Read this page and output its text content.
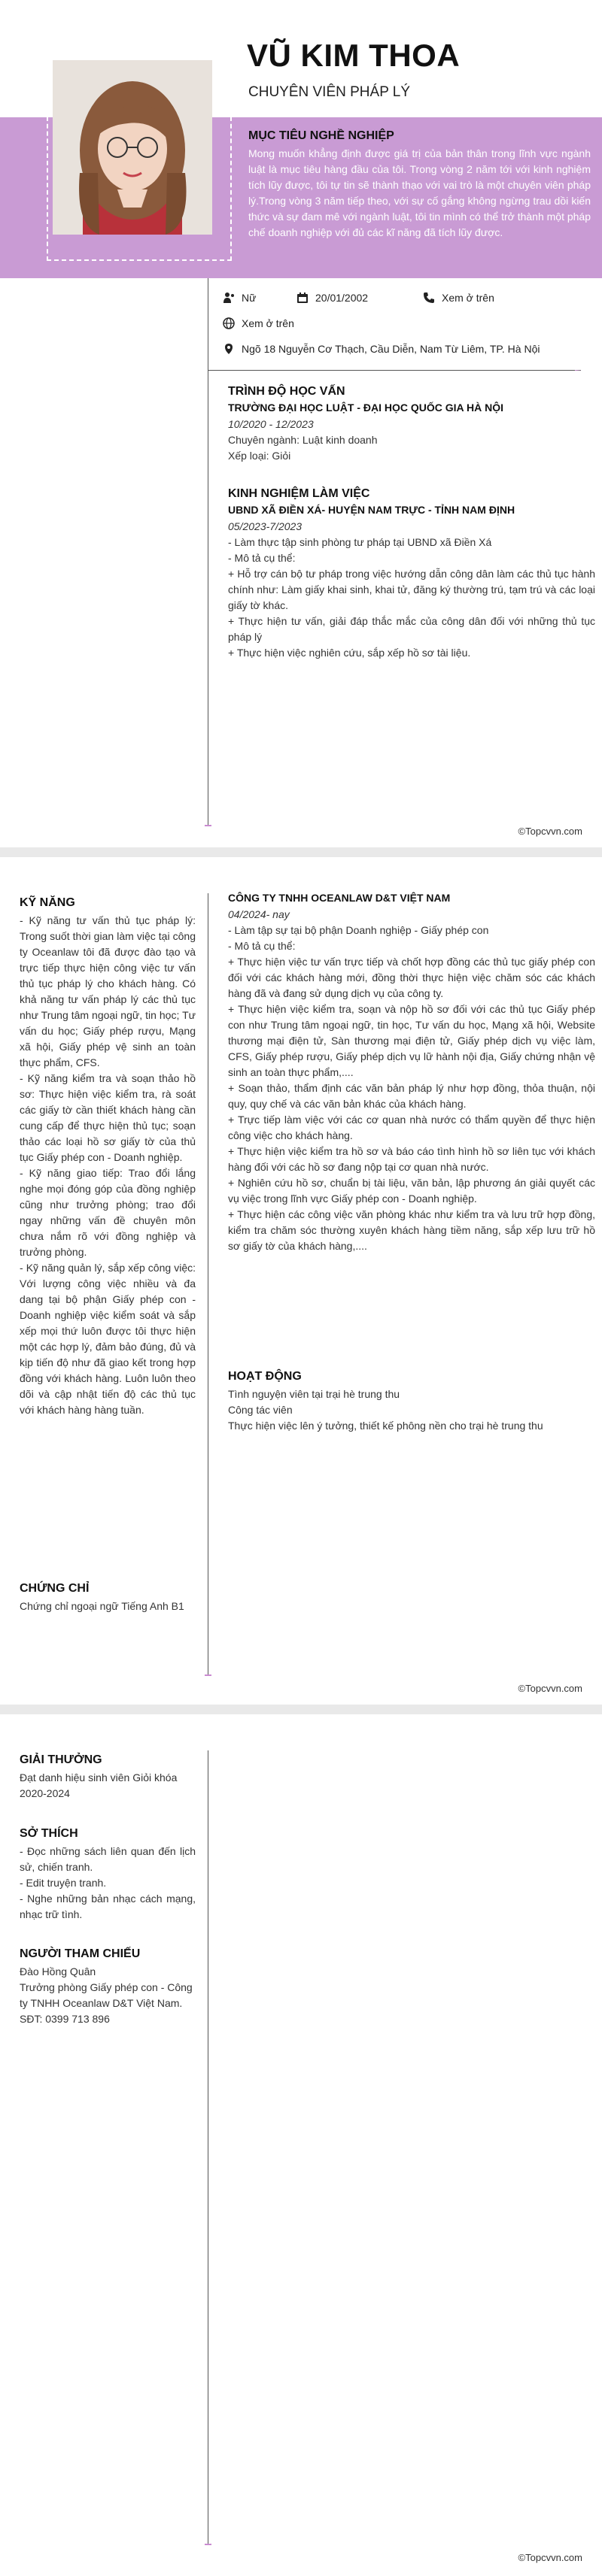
VŨ KIM THOA
CHUYÊN VIÊN PHÁP LÝ
MỤC TIÊU NGHỀ NGHIỆP

Mong muốn khẳng định được giá trị của bản thân trong lĩnh vực ngành luật là mục tiêu hàng đầu của tôi. Trong vòng 2 năm tới với kinh nghiệm tích lũy được, tôi tự tin sẽ thành thạo với vai trò là một chuyên viên pháp lý.Trong vòng 3 năm tiếp theo, với sự cố gắng không ngừng trau dồi kiến thức và sự đam mê với ngành luật, tôi tin mình có thể trở thành một pháp chế doanh nghiệp với đủ các kĩ năng đã tích lũy được.

Nữ	20/01/2002	Xem ở trên
Xem ở trên
Ngõ 18 Nguyễn Cơ Thạch, Cầu Diễn, Nam Từ Liêm, TP. Hà Nội
TRÌNH ĐỘ HỌC VẤN
TRƯỜNG ĐẠI HỌC LUẬT - ĐẠI HỌC QUỐC GIA HÀ NỘI

10/2020 - 12/2023

Chuyên ngành: Luật kinh doanh

Xếp loại: Giỏi

KINH NGHIỆM LÀM VIỆC
UBND XÃ ĐIỀN XÁ- HUYỆN NAM TRỰC - TỈNH NAM ĐỊNH

05/2023-7/2023

- Làm thực tập sinh phòng tư pháp tại UBND xã Điền Xá

- Mô tả cụ thể:

+ Hỗ trợ cán bộ tư pháp trong việc hướng dẫn công dân làm các thủ tục hành chính như: Làm giấy khai sinh, khai tử, đăng ký thường trú, tạm trú và các loại giấy tờ khác.

+ Thực hiện tư vấn, giải đáp thắc mắc của công dân đối với những thủ tục pháp lý

+ Thực hiện việc nghiên cứu, sắp xếp hồ sơ tài liệu.

©Topcvvn.com
KỸ NĂNG

- Kỹ năng tư vấn thủ tục pháp lý: Trong suốt thời gian làm việc tại công ty Oceanlaw tôi đã được đào tạo và trực tiếp thực hiện công việc tư vấn thủ tục pháp lý cho khách hàng. Có khả năng tư vấn pháp lý các thủ tục như Trung tâm ngoại ngữ, tin học; Tư vấn du học; Giấy phép rượu, Mạng xã hội, Giấy phép vệ sinh an toàn thực phẩm, CFS.

- Kỹ năng kiểm tra và soạn thảo hồ sơ: Thực hiện việc kiểm tra, rà soát các giấy tờ cần thiết khách hàng cần cung cấp để thực hiện thủ tục; soạn thảo các loại hồ sơ giấy tờ của thủ tục Giấy phép con - Doanh nghiệp.

- Kỹ năng giao tiếp: Trao đổi lắng nghe mọi đóng góp của đồng nghiệp cũng như trưởng phòng; trao đổi ngay những vấn đề chuyên môn chưa nắm rõ với đồng nghiệp và trưởng phòng.

- Kỹ năng quản lý, sắp xếp công việc: Với lượng công việc nhiều và đa dang tại bộ phận Giấy phép con - Doanh nghiệp việc kiểm soát và sắp xếp mọi thứ luôn được tôi thực hiện một các hợp lý, đảm bảo đúng, đủ và kịp tiến độ như đã giao kết trong hợp đồng với khách hàng. Luôn luôn theo dõi và cập nhật tiến độ các thủ tục với khách hàng hàng tuần.

CHỨNG CHỈ

Chứng chỉ ngoại ngữ Tiếng Anh B1

CÔNG TY TNHH OCEANLAW D&T VIỆT NAM

04/2024- nay

- Làm tập sự tại bộ phận Doanh nghiệp - Giấy phép con

- Mô tả cụ thể:

+ Thực hiện việc tư vấn trực tiếp và chốt hợp đồng các thủ tục giấy phép con đối với các khách hàng mới, đồng thời thực hiện việc chăm sóc các khách hàng đã và đang sử dụng dịch vụ của công ty.

+ Thực hiện việc kiểm tra, soạn và nộp hồ sơ đối với các thủ tục Giấy phép con như Trung tâm ngoại ngữ, tin học, Tư vấn du học, Mạng xã hội, Website thương mại điện tử, Sàn thương mại điện tử, Giấy phép dịch vụ việc làm, CFS, Giấy phép rượu, Giấy phép dịch vụ lữ hành nội địa, Giấy chứng nhận vệ sinh an toàn thực phẩm,....

+ Soạn thảo, thẩm định các văn bản pháp lý như hợp đồng, thỏa thuận, nội quy, quy chế và các văn bản khác của khách hàng.

+ Trực tiếp làm việc với các cơ quan nhà nước có thẩm quyền để thực hiện công việc cho khách hàng.

+ Thực hiện việc kiểm tra hồ sơ và báo cáo tình hình hồ sơ liên tục với khách hàng đối với các hồ sơ đang nộp tại cơ quan nhà nước.

+ Nghiên cứu hồ sơ, chuẩn bị tài liệu, văn bản, lập phương án giải quyết các vụ việc trong lĩnh vực Giấy phép con - Doanh nghiệp.

+ Thực hiện các công việc văn phòng khác như kiểm tra và lưu trữ hợp đồng, kiểm tra chăm sóc thường xuyên khách hàng tiềm năng, sắp xếp lưu trữ hồ sơ giấy tờ của khách hàng,....

HOẠT ĐỘNG

Tình nguyện viên tại trại hè trung thu

Công tác viên

Thực hiện việc lên ý tưởng, thiết kế phông nền cho trại hè trung thu

©Topcvvn.com
GIẢI THƯỞNG

Đạt danh hiệu sinh viên Giỏi khóa 2020-2024

SỞ THÍCH

- Đọc những sách liên quan đến lịch sử, chiến tranh.

- Edit truyện tranh.

- Nghe những bản nhạc cách mạng, nhạc trữ tình.

NGƯỜI THAM CHIẾU

Đào Hồng Quân

Trưởng phòng Giấy phép con - Công ty TNHH Oceanlaw D&T Việt Nam.

SĐT: 0399 713 896

©Topcvvn.com
